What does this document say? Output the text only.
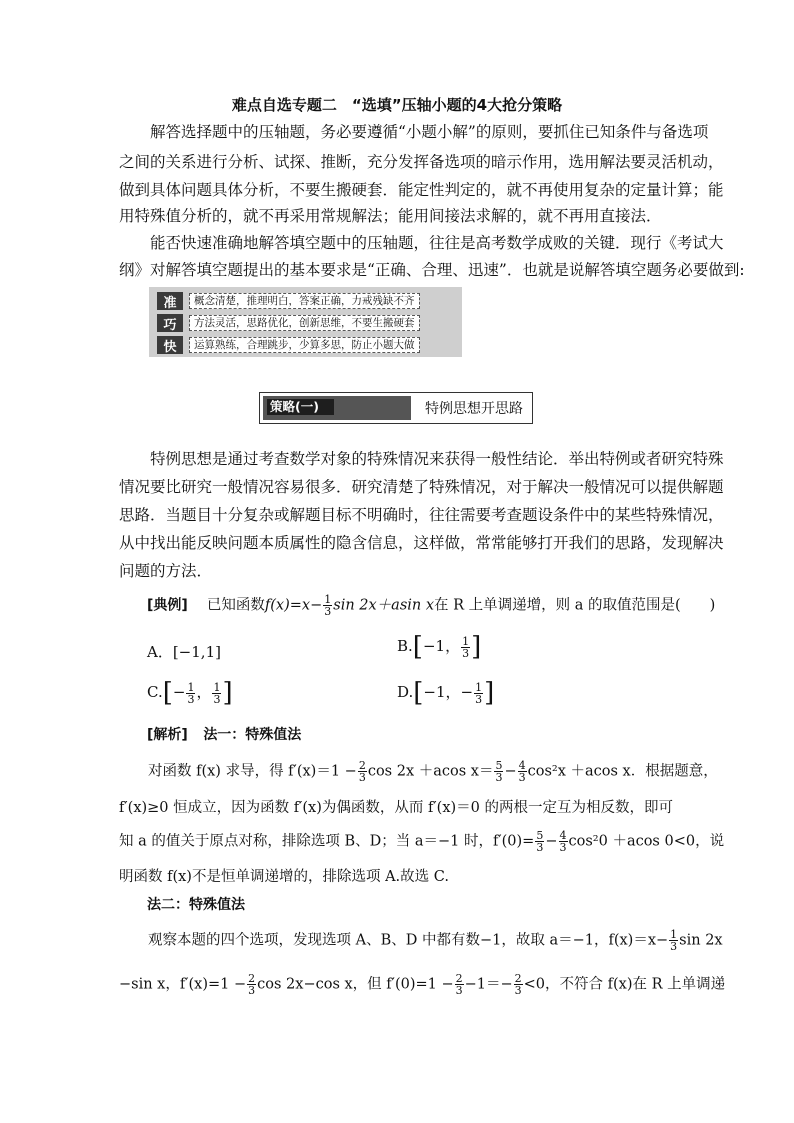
难点自选专题二　“选填”压轴小题的4大抢分策略
　　解答选择题中的压轴题，务必要遵循“小题小解”的原则，要抓住已知条件与备选项
之间的关系进行分析、试探、推断，充分发挥备选项的暗示作用，选用解法要灵活机动，
做到具体问题具体分析，不要生搬硬套．能定性判定的，就不再使用复杂的定量计算；能
用特殊值分析的，就不再采用常规解法；能用间接法求解的，就不再用直接法．
　　能否快速准确地解答填空题中的压轴题，往往是高考数学成败的关键．现行《考试大
纲》对解答填空题提出的基本要求是“正确、合理、迅速”．也就是说解答填空题务必要做到:
准	概念清楚，推理明白，答案正确，力戒残缺不齐
巧	方法灵活，思路优化，创新思维，不要生搬硬套
快	运算熟练，合理跳步，少算多思，防止小题大做
策略(一)	特例思想开思路
　　特例思想是通过考查数学对象的特殊情况来获得一般性结论．举出特例或者研究特殊
情况要比研究一般情况容易很多．研究清楚了特殊情况，对于解决一般情况可以提供解题
思路．当题目十分复杂或解题目标不明确时，往往需要考查题设条件中的某些特殊情况，
从中找出能反映问题本质属性的隐含信息，这样做，常常能够打开我们的思路，发现解决
问题的方法．
[典例]　 已知函数$f(x)=x- \frac{1}{3}$ sin 2x＋asin x在 R 上单调递增，则 a 的取值范围是(　　)
A．[−1,1]	B.[−1， $\frac{1}{3}$ ]
$C.[- \frac{1}{3}$ ， $\frac{1}{3}$ ]	D.[−1，− $\frac{1}{3}$ ]
[解析]　 法一：特殊值法
　　对函数 f(x) 求导，得 $f'(x)=1 - \frac{2}{3}$ cos 2x ＋acos $x= \frac{5}{3} - \frac{4}{3} \cos^2x +acos$ x．根据题意，
f′(x)≥0 恒成立，因为函数 f′(x)为偶函数，从而 f′(x)＝0 的两根一定互为相反数，即可
知 a 的值关于原点对称，排除选项 B、D；当 a＝−1 时，$f'(0)= \frac{5}{3} - \frac{4}{3} \cos^20 +acos$ 0<0，说
明函数 f(x)不是恒单调递增的，排除选项 A.故选 C.
　　法二：特殊值法
　　观察本题的四个选项，发现选项 A、B、D 中都有数−1，故取 a＝−1，$f(x)=x- \frac{1}{3}$ sin 2x
−sin x，$f'(x)=1 - \frac{2}{3}$ cos 2x−cos x，但 $f'(0)=1 - \frac{2}{3} -1=- \frac{2}{3} <0$，不符合 f(x)在 R 上单调递
